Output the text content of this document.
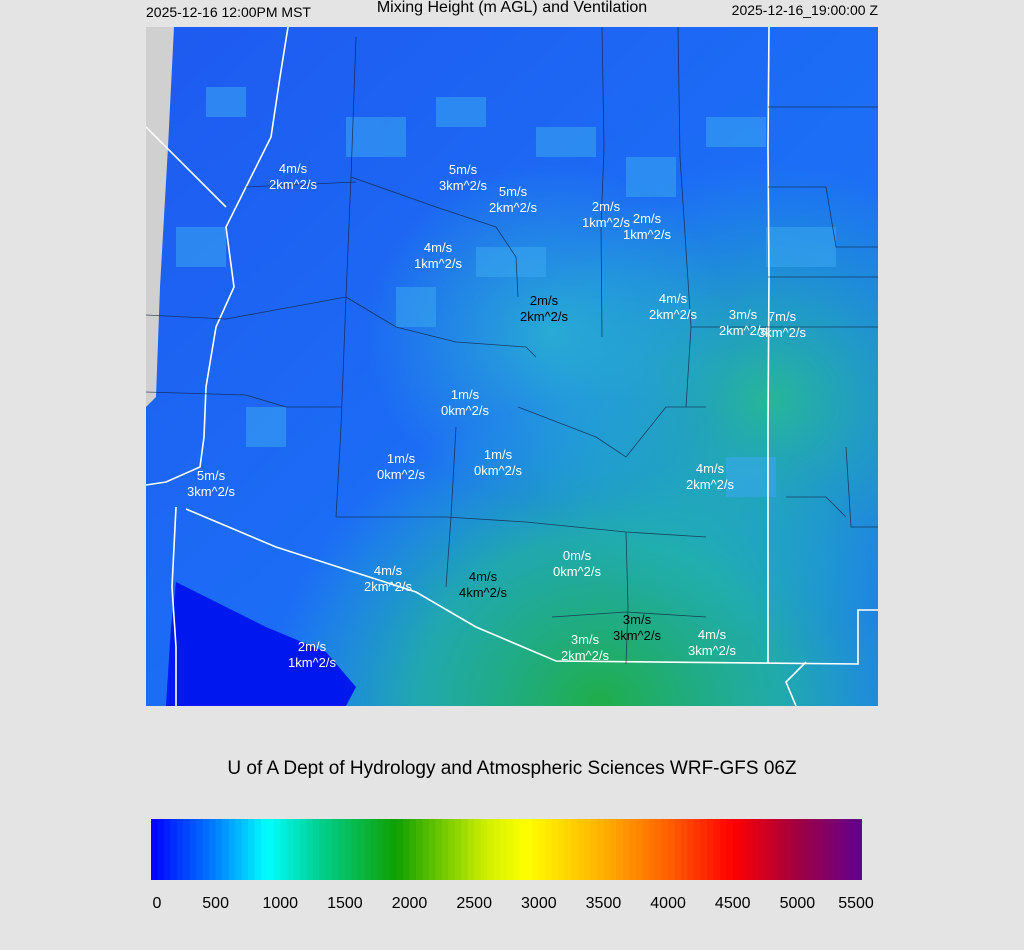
2025-12-16 12:00PM MST	Mixing Height (m AGL) and Ventilation	2025-12-16_19:00:00 Z
4m/s
2km^2/s
5m/s
3km^2/s 5m/s
2km^2/s	2m/s
1km^2/s 2m/s
1km^2/s
4m/s
1km^2/s
2m/s
2km^2/s
4m/s
2km^2/s 3m/s
2km^2/s
7m/s
3km^2/s
1m/s
0km^2/s
1m/s
0km^2/s
1m/s
0km^2/s	4m/s
2km^2/s
5m/s
3km^2/s
0m/s
0km^2/s
4m/s
2km^2/s
4m/s
4km^2/s
3m/s
3km^2/s
3m/s
2km^2/s
4m/s
3km^2/s
2m/s
1km^2/s
U of A Dept of Hydrology and Atmospheric Sciences WRF-GFS 06Z
0	500 1000 1500 2000 2500 3000 3500 4000 4500 5000 5500
